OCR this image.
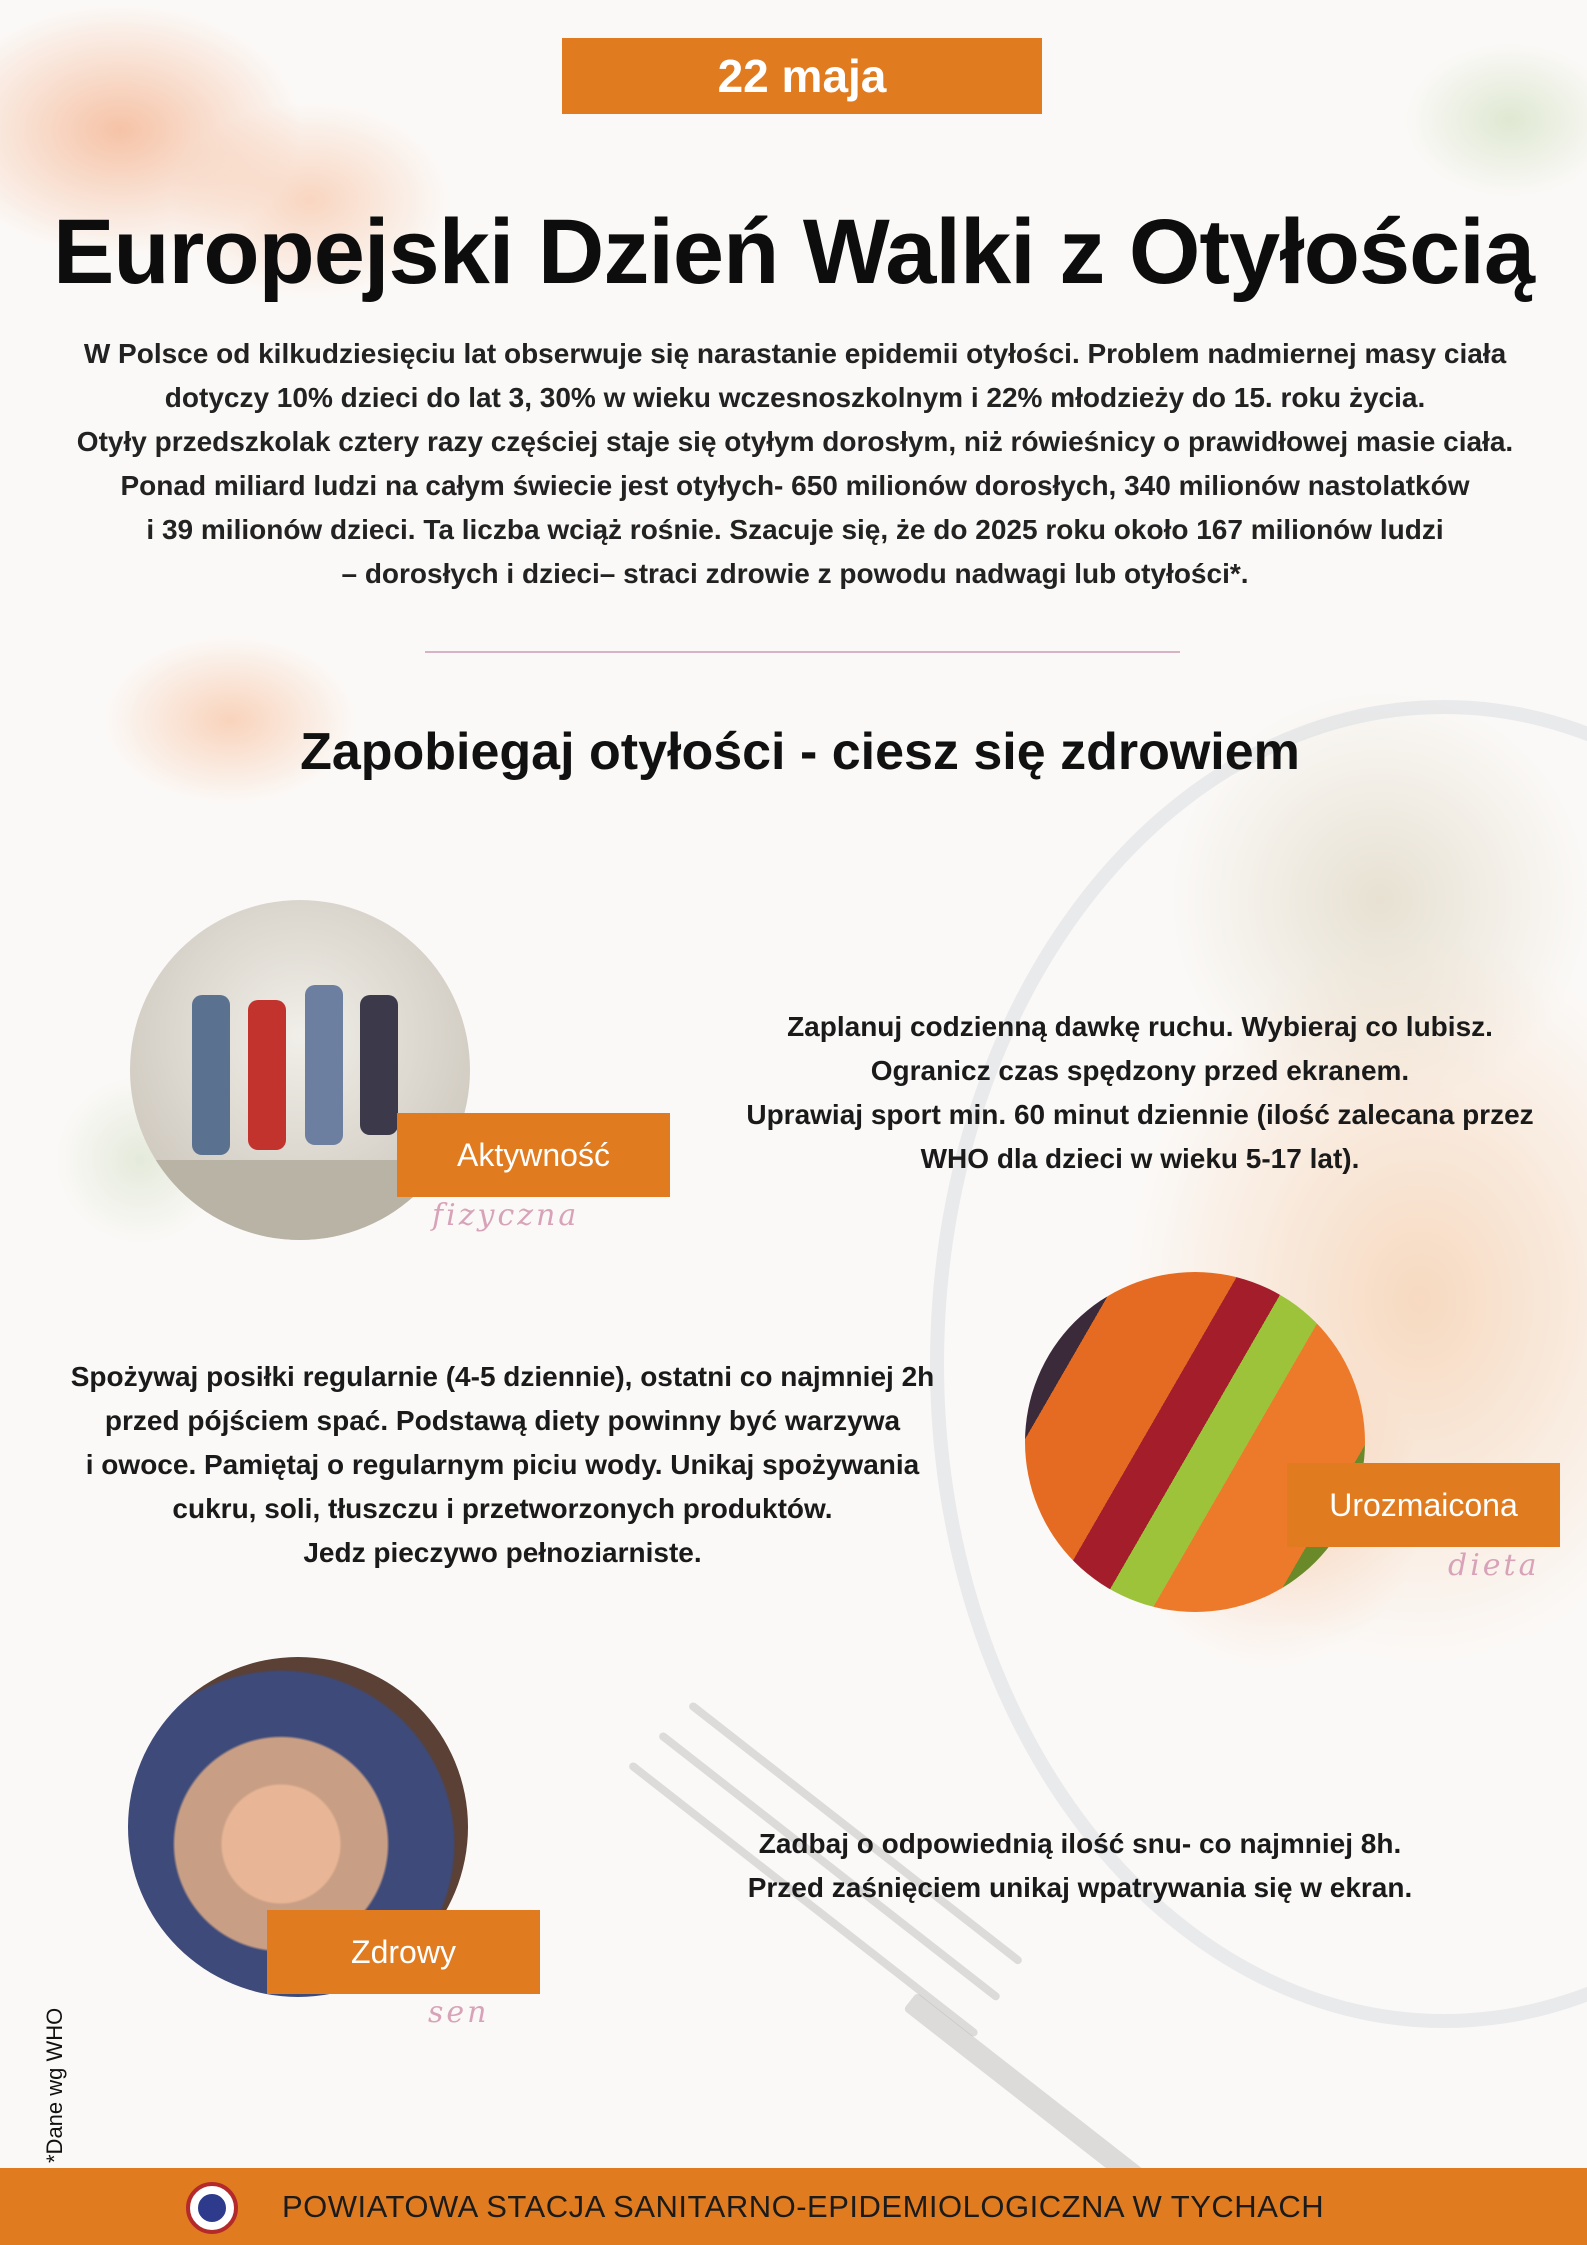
22 maja
Europejski Dzień Walki z Otyłością
W Polsce od kilkudziesięciu lat obserwuje się narastanie epidemii otyłości. Problem nadmiernej masy ciała
dotyczy 10% dzieci do lat 3, 30% w wieku wczesnoszkolnym i 22% młodzieży do 15. roku życia.
Otyły przedszkolak cztery razy częściej staje się otyłym dorosłym, niż rówieśnicy o prawidłowej masie ciała.
Ponad miliard ludzi na całym świecie jest otyłych- 650 milionów dorosłych, 340 milionów nastolatków
i 39 milionów dzieci. Ta liczba wciąż rośnie. Szacuje się, że do 2025 roku około 167 milionów ludzi
– dorosłych i dzieci– straci zdrowie z powodu nadwagi lub otyłości*.
Zapobiegaj otyłości - ciesz się zdrowiem
Aktywność
fizyczna
Zaplanuj codzienną dawkę ruchu. Wybieraj co lubisz.
Ogranicz czas spędzony przed ekranem.
Uprawiaj sport min. 60 minut dziennie (ilość zalecana przez
WHO dla dzieci w wieku 5-17 lat).
Spożywaj posiłki regularnie (4-5 dziennie), ostatni co najmniej 2h
przed pójściem spać. Podstawą diety powinny być warzywa
i owoce. Pamiętaj o regularnym piciu wody. Unikaj spożywania
cukru, soli, tłuszczu i przetworzonych produktów.
Jedz pieczywo pełnoziarniste.
Urozmaicona
dieta
Zdrowy
sen
Zadbaj o odpowiednią ilość snu- co najmniej 8h.
Przed zaśnięciem unikaj wpatrywania się w ekran.
*Dane wg WHO
POWIATOWA STACJA SANITARNO-EPIDEMIOLOGICZNA W TYCHACH
